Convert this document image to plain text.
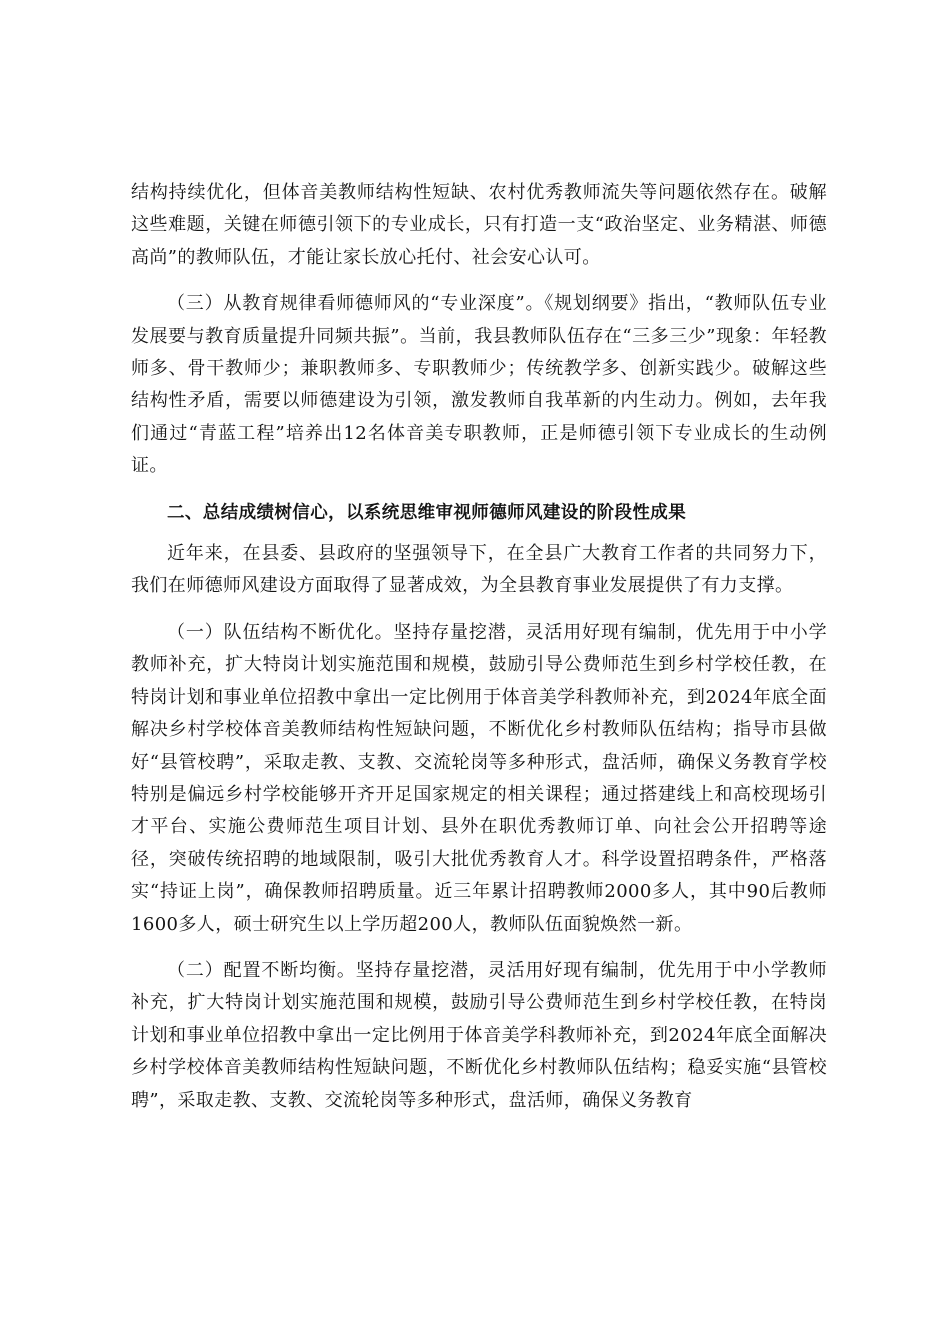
结构持续优化，但体音美教师结构性短缺、农村优秀教师流失等问题依然存在。破解这些难题，关键在师德引领下的专业成长，只有打造一支“政治坚定、业务精湛、师德高尚”的教师队伍，才能让家长放心托付、社会安心认可。

（三）从教育规律看师德师风的“专业深度”。《规划纲要》指出，“教师队伍专业发展要与教育质量提升同频共振”。当前，我县教师队伍存在“三多三少”现象：年轻教师多、骨干教师少；兼职教师多、专职教师少；传统教学多、创新实践少。破解这些结构性矛盾，需要以师德建设为引领，激发教师自我革新的内生动力。例如，去年我们通过“青蓝工程”培养出12名体音美专职教师，正是师德引领下专业成长的生动例证。

二、总结成绩树信心，以系统思维审视师德师风建设的阶段性成果

近年来，在县委、县政府的坚强领导下，在全县广大教育工作者的共同努力下，我们在师德师风建设方面取得了显著成效，为全县教育事业发展提供了有力支撑。

（一）队伍结构不断优化。坚持存量挖潜，灵活用好现有编制，优先用于中小学教师补充，扩大特岗计划实施范围和规模，鼓励引导公费师范生到乡村学校任教，在特岗计划和事业单位招教中拿出一定比例用于体音美学科教师补充，到2024年底全面解决乡村学校体音美教师结构性短缺问题，不断优化乡村教师队伍结构；指导市县做好“县管校聘”，采取走教、支教、交流轮岗等多种形式，盘活师，确保义务教育学校特别是偏远乡村学校能够开齐开足国家规定的相关课程；通过搭建线上和高校现场引才平台、实施公费师范生项目计划、县外在职优秀教师订单、向社会公开招聘等途径，突破传统招聘的地域限制，吸引大批优秀教育人才。科学设置招聘条件，严格落实“持证上岗”，确保教师招聘质量。近三年累计招聘教师2000多人，其中90后教师1600多人，硕士研究生以上学历超200人，教师队伍面貌焕然一新。

（二）配置不断均衡。坚持存量挖潜，灵活用好现有编制，优先用于中小学教师补充，扩大特岗计划实施范围和规模，鼓励引导公费师范生到乡村学校任教，在特岗计划和事业单位招教中拿出一定比例用于体音美学科教师补充，到2024年底全面解决乡村学校体音美教师结构性短缺问题，不断优化乡村教师队伍结构；稳妥实施“县管校聘”，采取走教、支教、交流轮岗等多种形式，盘活师，确保义务教育
